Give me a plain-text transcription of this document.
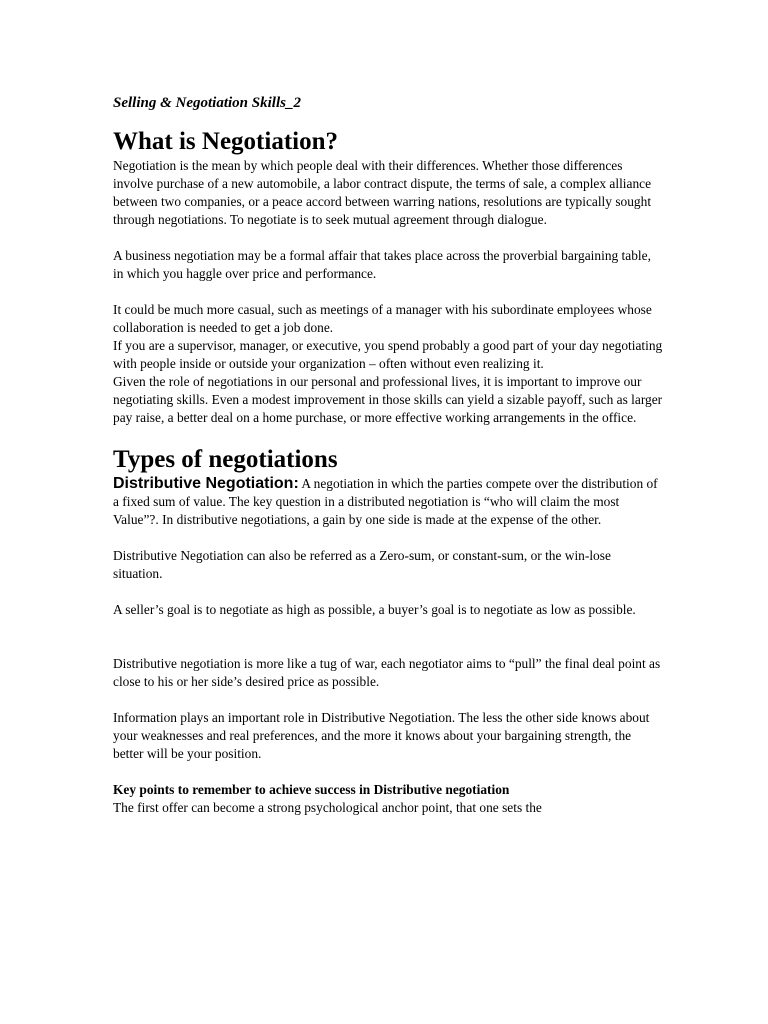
Selling & Negotiation Skills_2
What is Negotiation?

Negotiation is the mean by which people deal with their differences. Whether those differences involve purchase of a new automobile, a labor contract dispute, the terms of sale, a complex alliance between two companies, or a peace accord between warring nations, resolutions are typically sought through negotiations. To negotiate is to seek mutual agreement through dialogue.

A business negotiation may be a formal affair that takes place across the proverbial bargaining table, in which you haggle over price and performance.

It could be much more casual, such as meetings of a manager with his subordinate employees whose collaboration is needed to get a job done.

If you are a supervisor, manager, or executive, you spend probably a good part of your day negotiating with people inside or outside your organization – often without even realizing it.

Given the role of negotiations in our personal and professional lives, it is important to improve our negotiating skills. Even a modest improvement in those skills can yield a sizable payoff, such as larger pay raise, a better deal on a home purchase, or more effective working arrangements in the office.

Types of negotiations

Distributive Negotiation: A negotiation in which the parties compete over the distribution of a fixed sum of value. The key question in a distributed negotiation is “who will claim the most Value”?. In distributive negotiations, a gain by one side is made at the expense of the other.

Distributive Negotiation can also be referred as a Zero-sum, or constant-sum, or the win-lose situation.

A seller’s goal is to negotiate as high as possible, a buyer’s goal is to negotiate as low as possible.

Distributive negotiation is more like a tug of war, each negotiator aims to “pull” the final deal point as close to his or her side’s desired price as possible.

Information plays an important role in Distributive Negotiation. The less the other side knows about your weaknesses and real preferences, and the more it knows about your bargaining strength, the better will be your position.

Key points to remember to achieve success in Distributive negotiation

The first offer can become a strong psychological anchor point, that one sets the
